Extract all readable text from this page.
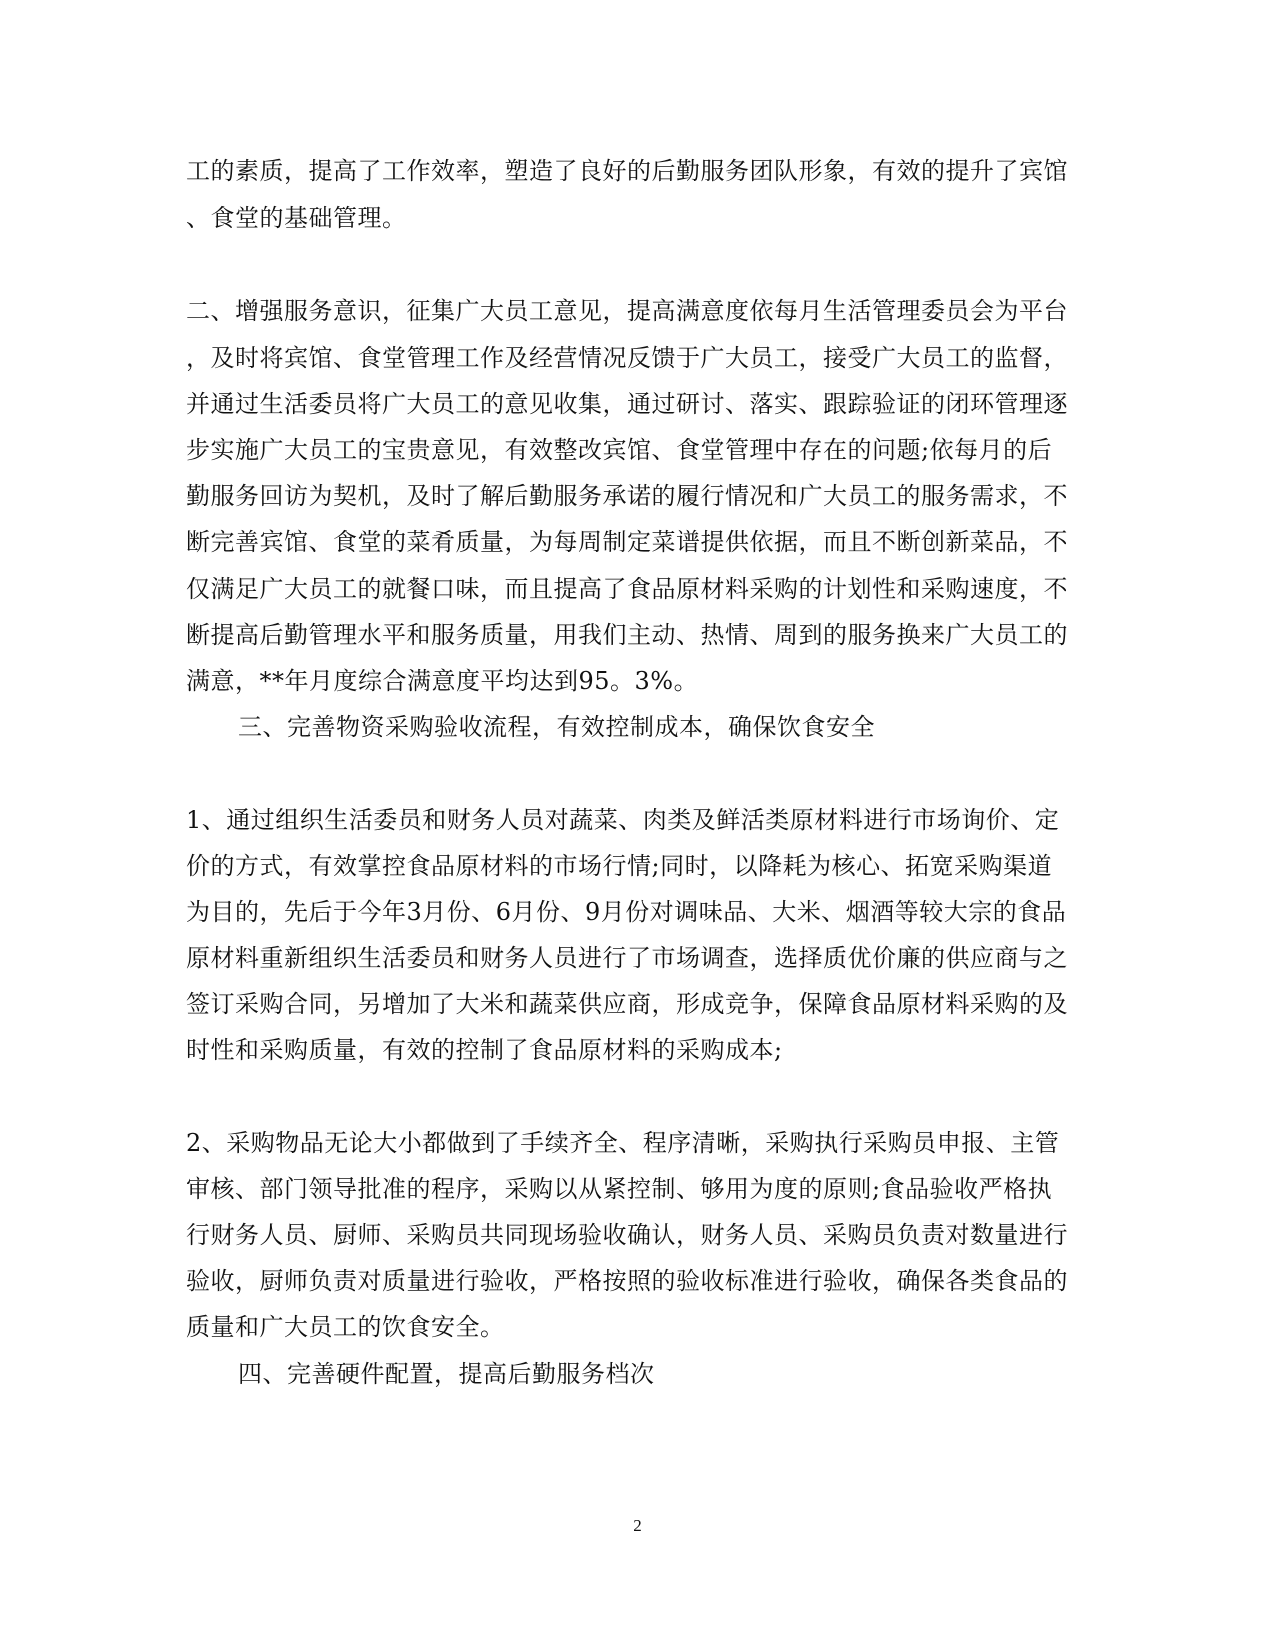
工的素质，提高了工作效率，塑造了良好的后勤服务团队形象，有效的提升了宾馆
、食堂的基础管理。
二、增强服务意识，征集广大员工意见，提高满意度依每月生活管理委员会为平台
，及时将宾馆、食堂管理工作及经营情况反馈于广大员工，接受广大员工的监督，
并通过生活委员将广大员工的意见收集，通过研讨、落实、跟踪验证的闭环管理逐
步实施广大员工的宝贵意见，有效整改宾馆、食堂管理中存在的问题;依每月的后
勤服务回访为契机，及时了解后勤服务承诺的履行情况和广大员工的服务需求，不
断完善宾馆、食堂的菜肴质量，为每周制定菜谱提供依据，而且不断创新菜品，不
仅满足广大员工的就餐口味，而且提高了食品原材料采购的计划性和采购速度，不
断提高后勤管理水平和服务质量，用我们主动、热情、周到的服务换来广大员工的
满意，**年月度综合满意度平均达到95。3%。
三、完善物资采购验收流程，有效控制成本，确保饮食安全
1、通过组织生活委员和财务人员对蔬菜、肉类及鲜活类原材料进行市场询价、定
价的方式，有效掌控食品原材料的市场行情;同时，以降耗为核心、拓宽采购渠道
为目的，先后于今年3月份、6月份、9月份对调味品、大米、烟酒等较大宗的食品
原材料重新组织生活委员和财务人员进行了市场调查，选择质优价廉的供应商与之
签订采购合同，另增加了大米和蔬菜供应商，形成竞争，保障食品原材料采购的及
时性和采购质量，有效的控制了食品原材料的采购成本;
2、采购物品无论大小都做到了手续齐全、程序清晰，采购执行采购员申报、主管
审核、部门领导批准的程序，采购以从紧控制、够用为度的原则;食品验收严格执
行财务人员、厨师、采购员共同现场验收确认，财务人员、采购员负责对数量进行
验收，厨师负责对质量进行验收，严格按照的验收标准进行验收，确保各类食品的
质量和广大员工的饮食安全。
四、完善硬件配置，提高后勤服务档次
2
